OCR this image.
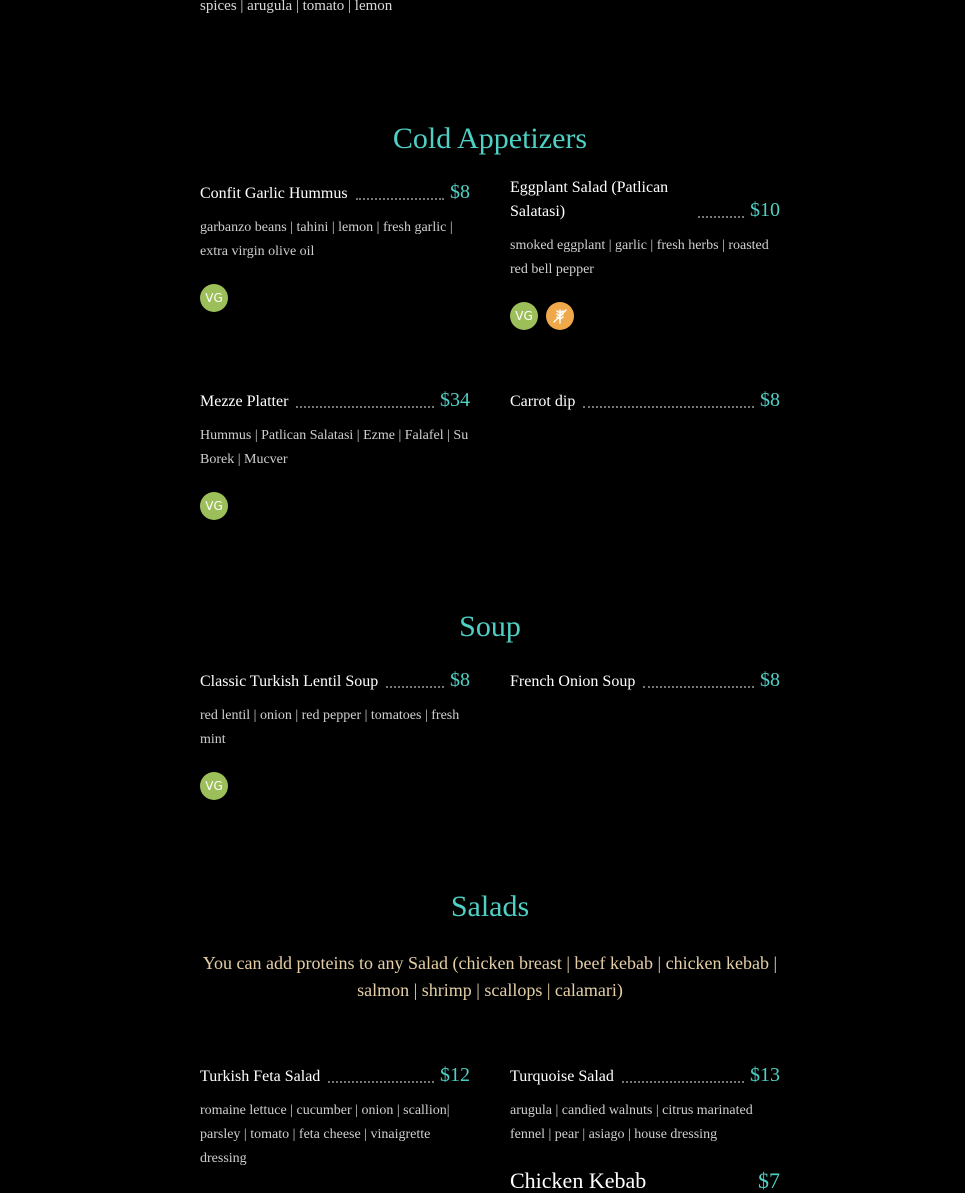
spices | arugula | tomato | lemon
Cold Appetizers
Confit Garlic Hummus	$8
garbanzo beans | tahini | lemon | fresh garlic | extra virgin olive oil
VG
Eggplant Salad (Patlican Salatasi)	$10
smoked eggplant | garlic | fresh herbs | roasted red bell pepper
VG
Mezze Platter	$34
Hummus | Patlican Salatasi | Ezme | Falafel | Su Borek | Mucver
VG
Carrot dip	$8
Soup
Classic Turkish Lentil Soup	$8
red lentil | onion | red pepper | tomatoes | fresh mint
VG
French Onion Soup	$8
Salads
You can add proteins to any Salad (chicken breast | beef kebab | chicken kebab | salmon | shrimp | scallops | calamari)
Turkish Feta Salad	$12
romaine lettuce | cucumber | onion | scallion| parsley | tomato | feta cheese | vinaigrette dressing
Turquoise Salad	$13
arugula | candied walnuts | citrus marinated fennel | pear | asiago | house dressing
Chicken Kebab	$7
